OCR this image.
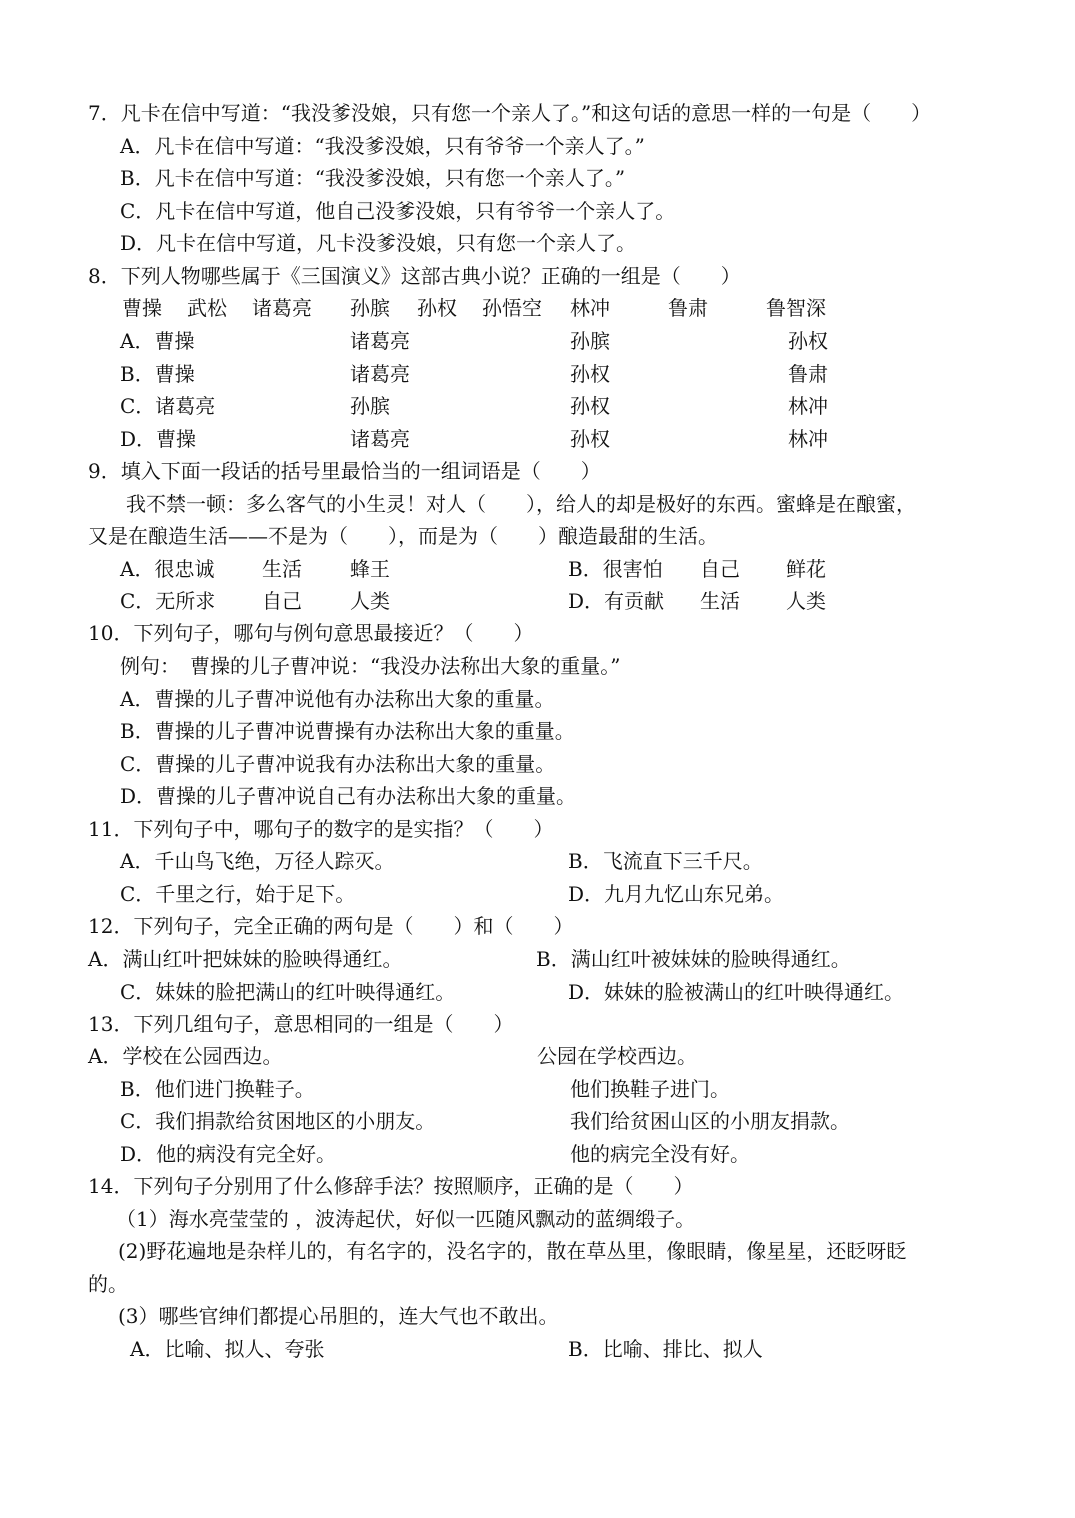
7．凡卡在信中写道：“我没爹没娘，只有您一个亲人了。”和这句话的意思一样的一句是（　　）
A．凡卡在信中写道：“我没爹没娘，只有爷爷一个亲人了。”
B．凡卡在信中写道：“我没爹没娘，只有您一个亲人了。”
C．凡卡在信中写道，他自己没爹没娘，只有爷爷一个亲人了。
D．凡卡在信中写道，凡卡没爹没娘，只有您一个亲人了。
8．下列人物哪些属于《三国演义》这部古典小说？正确的一组是（　　）
曹操 武松 诸葛亮 孙膑 孙权 孙悟空 林冲	鲁肃	鲁智深
A．曹操	诸葛亮	孙膑	孙权
B．曹操	诸葛亮	孙权	鲁肃
C．诸葛亮	孙膑	孙权	林冲
D．曹操	诸葛亮	孙权	林冲
9．填入下面一段话的括号里最恰当的一组词语是（　　）
我不禁一顿：多么客气的小生灵！对人（　　），给人的却是极好的东西。蜜蜂是在酿蜜，
又是在酿造生活——不是为（　　），而是为（　　）酿造最甜的生活。
A．很忠诚 生活 蜂王	B．很害怕 自己 鲜花
C．无所求 自己 人类	D．有贡献 生活 人类
10．下列句子，哪句与例句意思最接近？（　　）
例句：　曹操的儿子曹冲说：“我没办法称出大象的重量。”
A．曹操的儿子曹冲说他有办法称出大象的重量。
B．曹操的儿子曹冲说曹操有办法称出大象的重量。
C．曹操的儿子曹冲说我有办法称出大象的重量。
D．曹操的儿子曹冲说自己有办法称出大象的重量。
11．下列句子中，哪句子的数字的是实指？（　　）
A．千山鸟飞绝，万径人踪灭。	B．飞流直下三千尺。
C．千里之行，始于足下。	D．九月九忆山东兄弟。
12．下列句子，完全正确的两句是（　　）和（　　）
A．满山红叶把妹妹的脸映得通红。	B．满山红叶被妹妹的脸映得通红。
C．妹妹的脸把满山的红叶映得通红。	D．妹妹的脸被满山的红叶映得通红。
13．下列几组句子，意思相同的一组是（　　）
A．学校在公园西边。	公园在学校西边。
B．他们进门换鞋子。	他们换鞋子进门。
C．我们捐款给贫困地区的小朋友。	我们给贫困山区的小朋友捐款。
D．他的病没有完全好。	他的病完全没有好。
14．下列句子分别用了什么修辞手法？按照顺序，正确的是（　　）
（1）海水亮莹莹的 ，波涛起伏，好似一匹随风飘动的蓝绸缎子。
(2)野花遍地是杂样儿的，有名字的，没名字的，散在草丛里，像眼睛，像星星，还眨呀眨
的。
(3）哪些官绅们都提心吊胆的，连大气也不敢出。
A．比喻、拟人、夸张	B．比喻、排比、拟人
